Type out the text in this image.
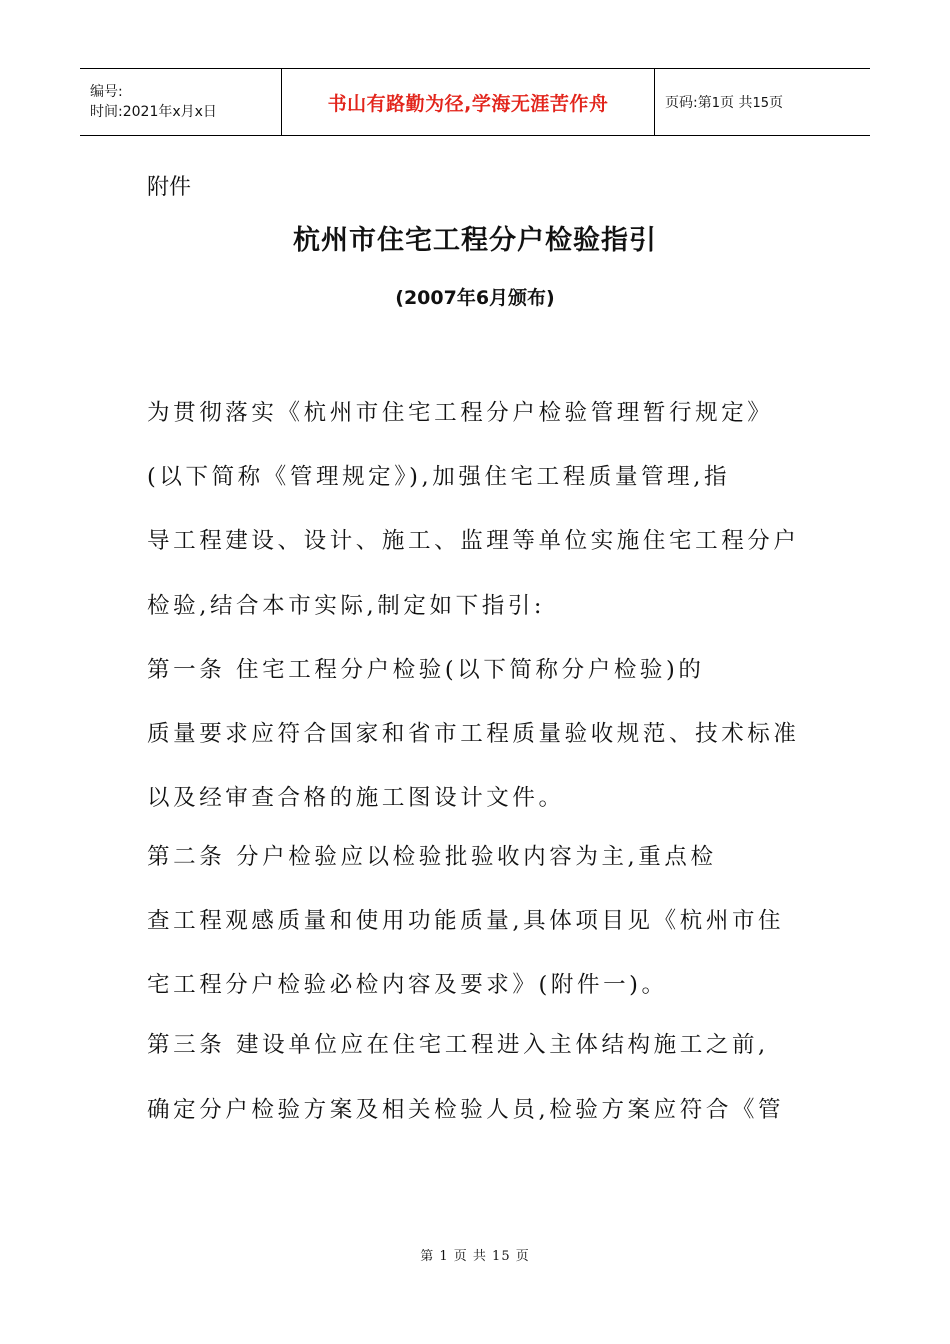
编号:
时间:2021年x月x日	书山有路勤为径,学海无涯苦作舟	页码:第1页 共15页
附件
杭州市住宅工程分户检验指引
(2007年6月颁布)
为贯彻落实《杭州市住宅工程分户检验管理暂行规定》
(以下简称《管理规定》),加强住宅工程质量管理,指
导工程建设、设计、施工、监理等单位实施住宅工程分户
检验,结合本市实际,制定如下指引:
第一条 住宅工程分户检验(以下简称分户检验)的
质量要求应符合国家和省市工程质量验收规范、技术标准
以及经审查合格的施工图设计文件。
第二条 分户检验应以检验批验收内容为主,重点检
查工程观感质量和使用功能质量,具体项目见《杭州市住
宅工程分户检验必检内容及要求》(附件一)。
第三条 建设单位应在住宅工程进入主体结构施工之前,
确定分户检验方案及相关检验人员,检验方案应符合《管
第 1 页 共 15 页
